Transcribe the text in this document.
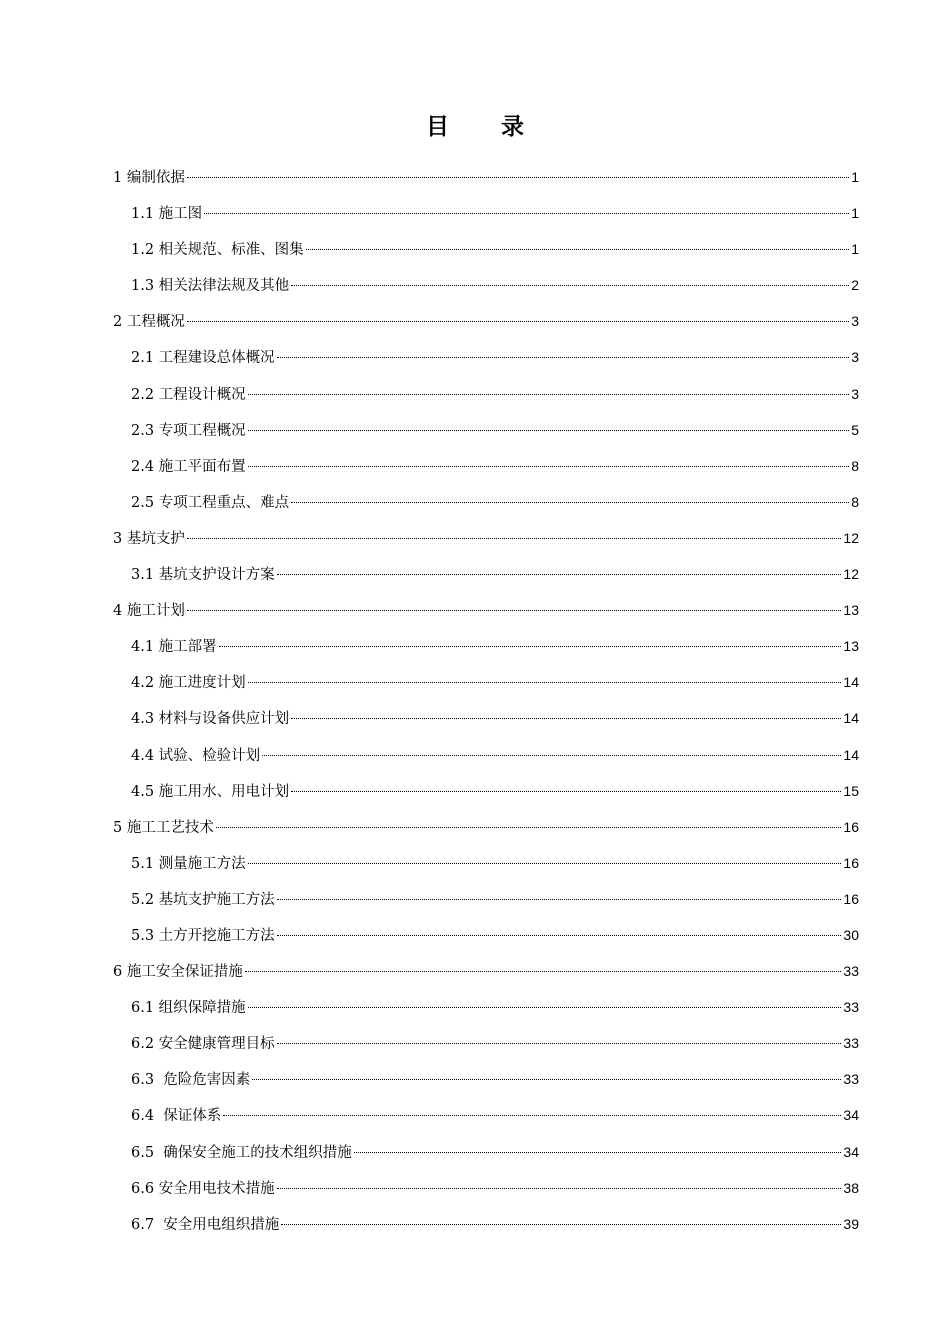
目 录
1 编制依据	1
1.1 施工图	1
1.2 相关规范、标准、图集	1
1.3 相关法律法规及其他	2
2 工程概况	3
2.1 工程建设总体概况	3
2.2 工程设计概况	3
2.3 专项工程概况	5
2.4 施工平面布置	8
2.5 专项工程重点、难点	8
3 基坑支护	12
3.1 基坑支护设计方案	12
4 施工计划	13
4.1 施工部署	13
4.2 施工进度计划	14
4.3 材料与设备供应计划	14
4.4 试验、检验计划	14
4.5 施工用水、用电计划	15
5 施工工艺技术	16
5.1 测量施工方法	16
5.2 基坑支护施工方法	16
5.3 土方开挖施工方法	30
6 施工安全保证措施	33
6.1 组织保障措施	33
6.2 安全健康管理目标	33
6.3  危险危害因素	33
6.4  保证体系	34
6.5  确保安全施工的技术组织措施	34
6.6 安全用电技术措施	38
6.7  安全用电组织措施	39
